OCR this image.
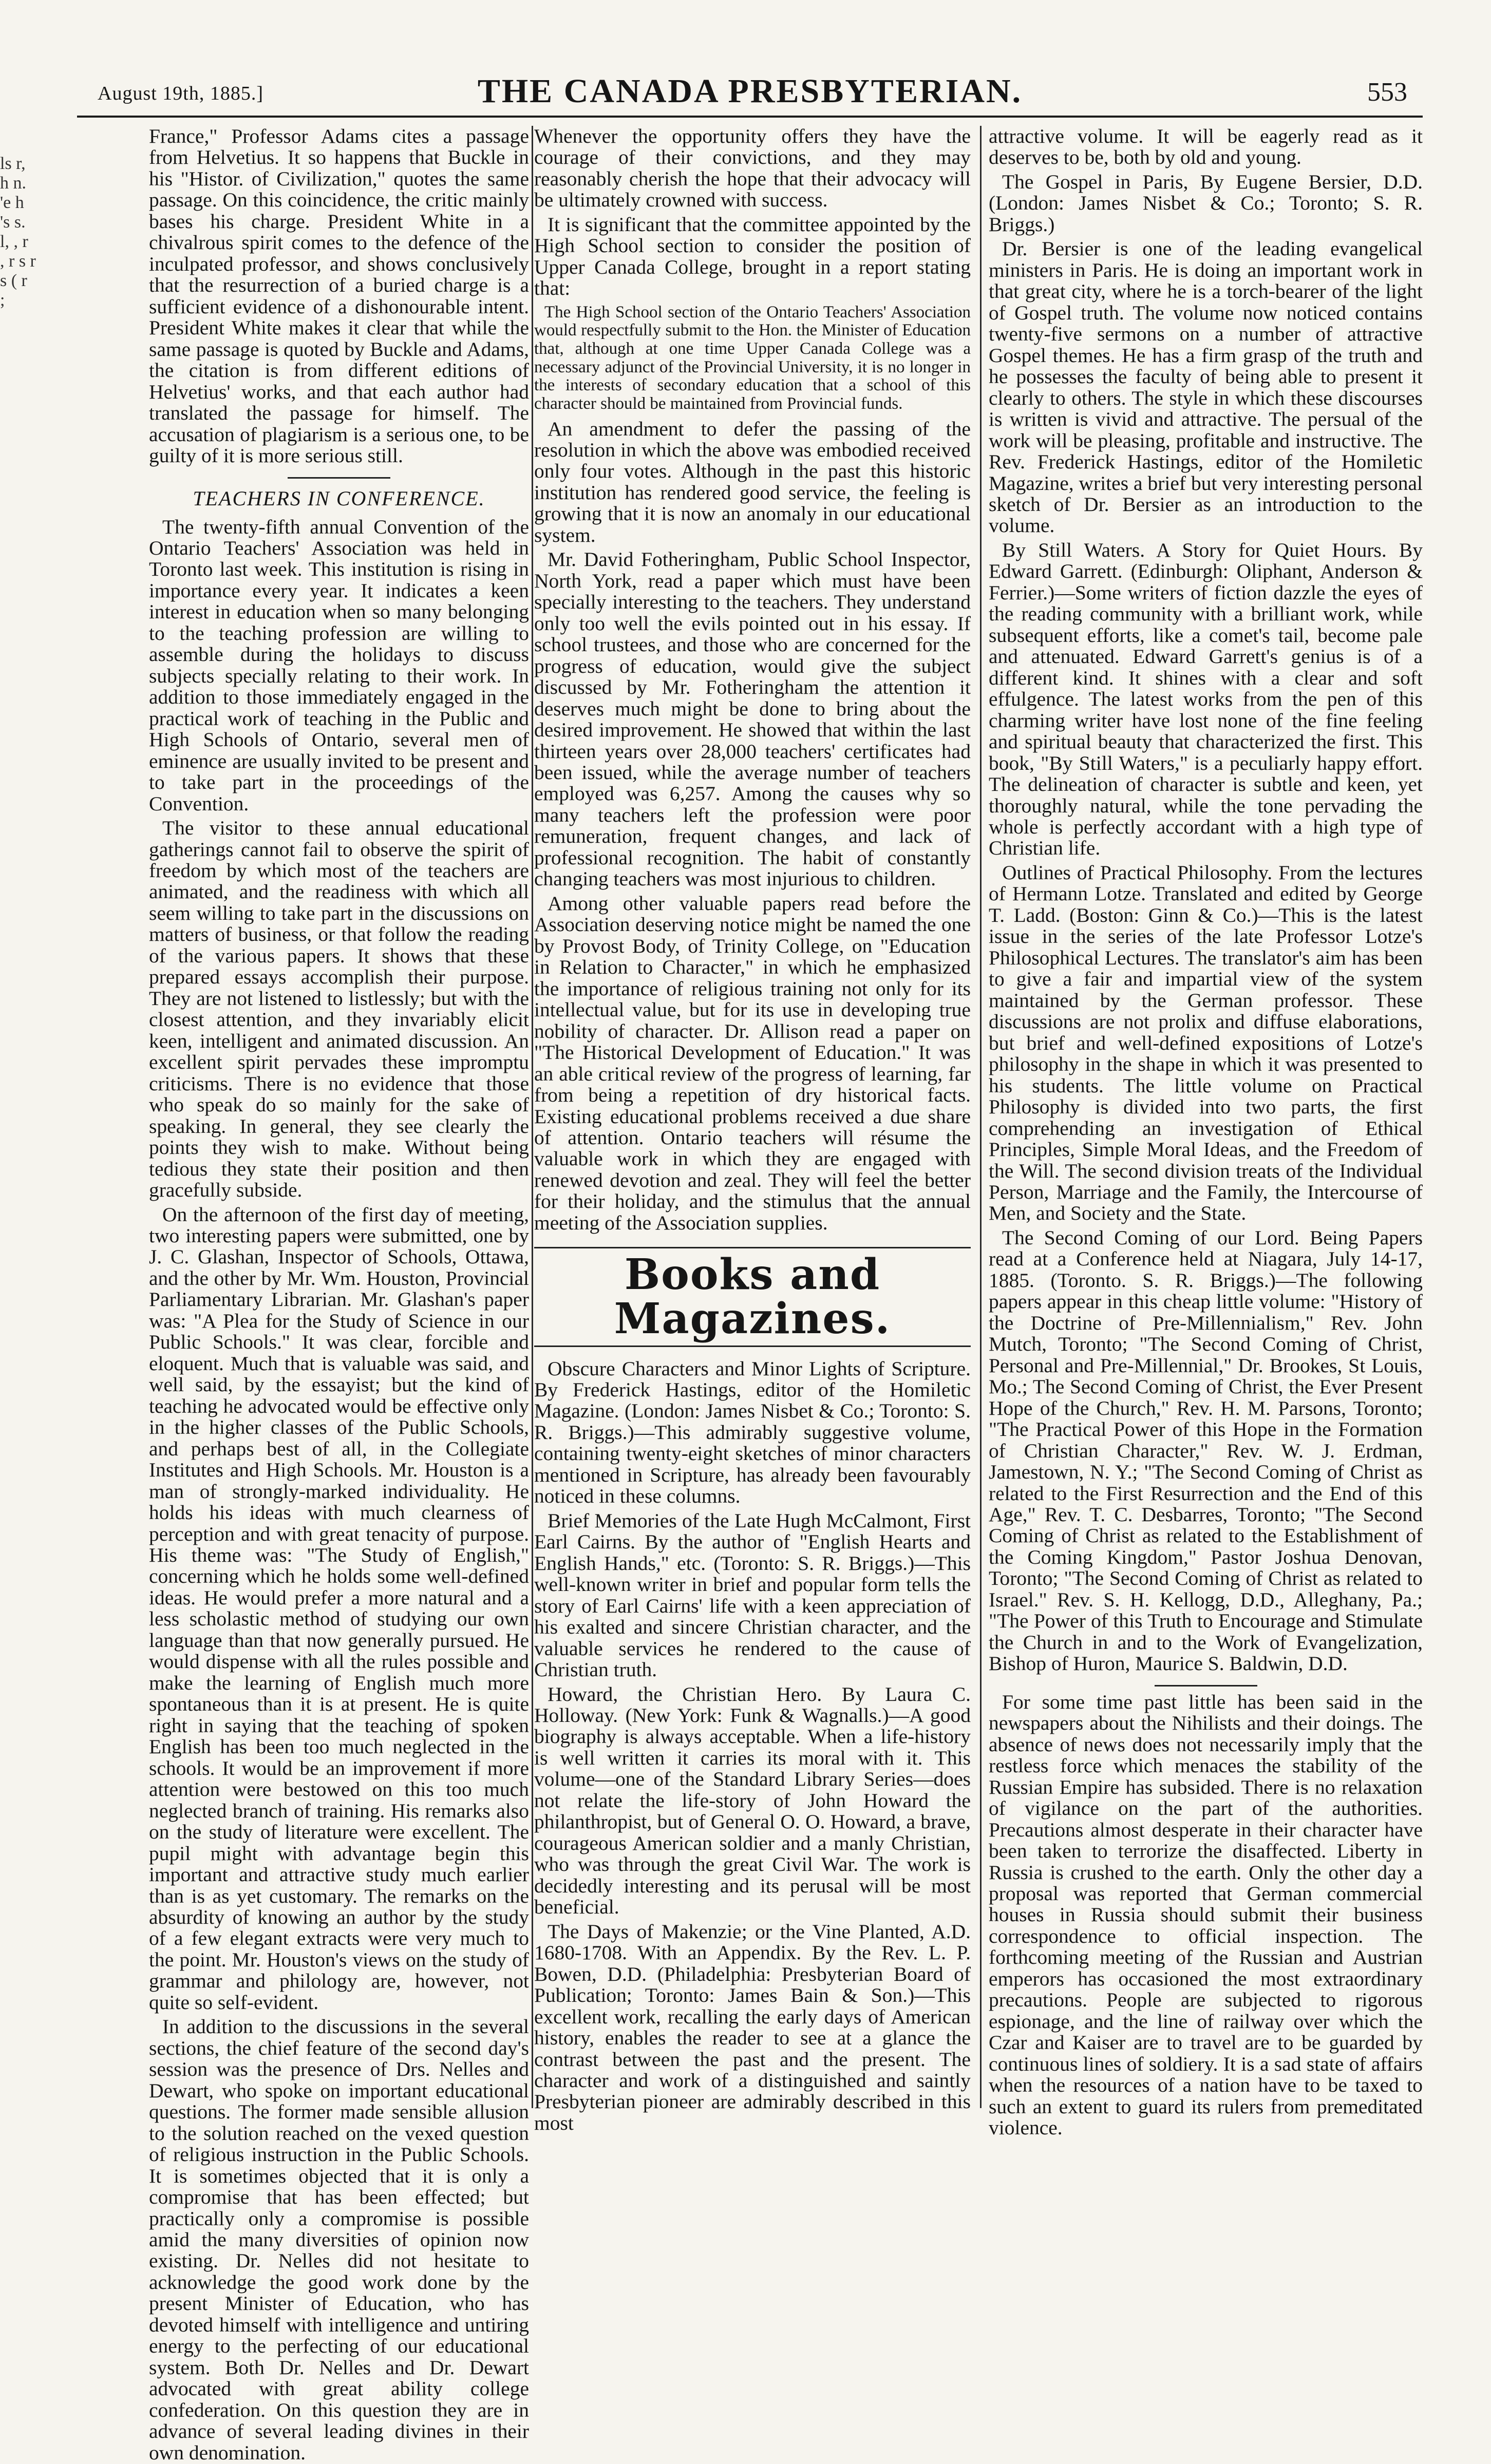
August 19th, 1885.]	THE CANADA PRESBYTERIAN.	553
ls r, h n. 'e h 's s. l, , r , r s r s ( r ;

France," Professor Adams cites a passage from Helvetius. It so happens that Buckle in his "Histor. of Civilization," quotes the same passage. On this coincidence, the critic mainly bases his charge. President White in a chivalrous spirit comes to the defence of the inculpated professor, and shows conclusively that the resurrection of a buried charge is a sufficient evidence of a dishonourable intent. President White makes it clear that while the same passage is quoted by Buckle and Adams, the citation is from different editions of Helvetius' works, and that each author had translated the passage for himself. The accusation of plagiarism is a serious one, to be guilty of it is more serious still.

TEACHERS IN CONFERENCE.

The twenty-fifth annual Convention of the Ontario Teachers' Association was held in Toronto last week. This institution is rising in importance every year. It indicates a keen interest in education when so many belonging to the teaching profession are willing to assemble during the holidays to discuss subjects specially relating to their work. In addition to those immediately engaged in the practical work of teaching in the Public and High Schools of Ontario, several men of eminence are usually invited to be present and to take part in the proceedings of the Convention.

The visitor to these annual educational gatherings cannot fail to observe the spirit of freedom by which most of the teachers are animated, and the readiness with which all seem willing to take part in the discussions on matters of business, or that follow the reading of the various papers. It shows that these prepared essays accomplish their purpose. They are not listened to listlessly; but with the closest attention, and they invariably elicit keen, intelligent and animated discussion. An excellent spirit pervades these impromptu criticisms. There is no evidence that those who speak do so mainly for the sake of speaking. In general, they see clearly the points they wish to make. Without being tedious they state their position and then gracefully subside.

On the afternoon of the first day of meeting, two interesting papers were submitted, one by J. C. Glashan, Inspector of Schools, Ottawa, and the other by Mr. Wm. Houston, Provincial Parliamentary Librarian. Mr. Glashan's paper was: "A Plea for the Study of Science in our Public Schools." It was clear, forcible and eloquent. Much that is valuable was said, and well said, by the essayist; but the kind of teaching he advocated would be effective only in the higher classes of the Public Schools, and perhaps best of all, in the Collegiate Institutes and High Schools. Mr. Houston is a man of strongly-marked individuality. He holds his ideas with much clearness of perception and with great tenacity of purpose. His theme was: "The Study of English," concerning which he holds some well-defined ideas. He would prefer a more natural and a less scholastic method of studying our own language than that now generally pursued. He would dispense with all the rules possible and make the learning of English much more spontaneous than it is at present. He is quite right in saying that the teaching of spoken English has been too much neglected in the schools. It would be an improvement if more attention were bestowed on this too much neglected branch of training. His remarks also on the study of literature were excellent. The pupil might with advantage begin this important and attractive study much earlier than is as yet customary. The remarks on the absurdity of knowing an author by the study of a few elegant extracts were very much to the point. Mr. Houston's views on the study of grammar and philology are, however, not quite so self-evident.

In addition to the discussions in the several sections, the chief feature of the second day's session was the presence of Drs. Nelles and Dewart, who spoke on important educational questions. The former made sensible allusion to the solution reached on the vexed question of religious instruction in the Public Schools. It is sometimes objected that it is only a compromise that has been effected; but practically only a compromise is possible amid the many diversities of opinion now existing. Dr. Nelles did not hesitate to acknowledge the good work done by the present Minister of Education, who has devoted himself with intelligence and untiring energy to the perfecting of our educational system. Both Dr. Nelles and Dr. Dewart advocated with great ability college confederation. On this question they are in advance of several leading divines in their own denomination.

Whenever the opportunity offers they have the courage of their convictions, and they may reasonably cherish the hope that their advocacy will be ultimately crowned with success.

It is significant that the committee appointed by the High School section to consider the position of Upper Canada College, brought in a report stating that:

The High School section of the Ontario Teachers' Association would respectfully submit to the Hon. the Minister of Education that, although at one time Upper Canada College was a necessary adjunct of the Provincial University, it is no longer in the interests of secondary education that a school of this character should be maintained from Provincial funds.

An amendment to defer the passing of the resolution in which the above was embodied received only four votes. Although in the past this historic institution has rendered good service, the feeling is growing that it is now an anomaly in our educational system.

Mr. David Fotheringham, Public School Inspector, North York, read a paper which must have been specially interesting to the teachers. They understand only too well the evils pointed out in his essay. If school trustees, and those who are concerned for the progress of education, would give the subject discussed by Mr. Fotheringham the attention it deserves much might be done to bring about the desired improvement. He showed that within the last thirteen years over 28,000 teachers' certificates had been issued, while the average number of teachers employed was 6,257. Among the causes why so many teachers left the profession were poor remuneration, frequent changes, and lack of professional recognition. The habit of constantly changing teachers was most injurious to children.

Among other valuable papers read before the Association deserving notice might be named the one by Provost Body, of Trinity College, on "Education in Relation to Character," in which he emphasized the importance of religious training not only for its intellectual value, but for its use in developing true nobility of character. Dr. Allison read a paper on "The Historical Development of Education." It was an able critical review of the progress of learning, far from being a repetition of dry historical facts. Existing educational problems received a due share of attention. Ontario teachers will résume the valuable work in which they are engaged with renewed devotion and zeal. They will feel the better for their holiday, and the stimulus that the annual meeting of the Association supplies.

Books and Magazines.

Obscure Characters and Minor Lights of Scripture. By Frederick Hastings, editor of the Homiletic Magazine. (London: James Nisbet & Co.; Toronto: S. R. Briggs.)—This admirably suggestive volume, containing twenty-eight sketches of minor characters mentioned in Scripture, has already been favourably noticed in these columns.

Brief Memories of the Late Hugh McCalmont, First Earl Cairns. By the author of "English Hearts and English Hands," etc. (Toronto: S. R. Briggs.)—This well-known writer in brief and popular form tells the story of Earl Cairns' life with a keen appreciation of his exalted and sincere Christian character, and the valuable services he rendered to the cause of Christian truth.

Howard, the Christian Hero. By Laura C. Holloway. (New York: Funk & Wagnalls.)—A good biography is always acceptable. When a life-history is well written it carries its moral with it. This volume—one of the Standard Library Series—does not relate the life-story of John Howard the philanthropist, but of General O. O. Howard, a brave, courageous American soldier and a manly Christian, who was through the great Civil War. The work is decidedly interesting and its perusal will be most beneficial.

The Days of Makenzie; or the Vine Planted, A.D. 1680-1708. With an Appendix. By the Rev. L. P. Bowen, D.D. (Philadelphia: Presbyterian Board of Publication; Toronto: James Bain & Son.)—This excellent work, recalling the early days of American history, enables the reader to see at a glance the contrast between the past and the present. The character and work of a distinguished and saintly Presbyterian pioneer are admirably described in this most

attractive volume. It will be eagerly read as it deserves to be, both by old and young.

The Gospel in Paris, By Eugene Bersier, D.D. (London: James Nisbet & Co.; Toronto; S. R. Briggs.)

Dr. Bersier is one of the leading evangelical ministers in Paris. He is doing an important work in that great city, where he is a torch-bearer of the light of Gospel truth. The volume now noticed contains twenty-five sermons on a number of attractive Gospel themes. He has a firm grasp of the truth and he possesses the faculty of being able to present it clearly to others. The style in which these discourses is written is vivid and attractive. The persual of the work will be pleasing, profitable and instructive. The Rev. Frederick Hastings, editor of the Homiletic Magazine, writes a brief but very interesting personal sketch of Dr. Bersier as an introduction to the volume.

By Still Waters. A Story for Quiet Hours. By Edward Garrett. (Edinburgh: Oliphant, Anderson & Ferrier.)—Some writers of fiction dazzle the eyes of the reading community with a brilliant work, while subsequent efforts, like a comet's tail, become pale and attenuated. Edward Garrett's genius is of a different kind. It shines with a clear and soft effulgence. The latest works from the pen of this charming writer have lost none of the fine feeling and spiritual beauty that characterized the first. This book, "By Still Waters," is a peculiarly happy effort. The delineation of character is subtle and keen, yet thoroughly natural, while the tone pervading the whole is perfectly accordant with a high type of Christian life.

Outlines of Practical Philosophy. From the lectures of Hermann Lotze. Translated and edited by George T. Ladd. (Boston: Ginn & Co.)—This is the latest issue in the series of the late Professor Lotze's Philosophical Lectures. The translator's aim has been to give a fair and impartial view of the system maintained by the German professor. These discussions are not prolix and diffuse elaborations, but brief and well-defined expositions of Lotze's philosophy in the shape in which it was presented to his students. The little volume on Practical Philosophy is divided into two parts, the first comprehending an investigation of Ethical Principles, Simple Moral Ideas, and the Freedom of the Will. The second division treats of the Individual Person, Marriage and the Family, the Intercourse of Men, and Society and the State.

The Second Coming of our Lord. Being Papers read at a Conference held at Niagara, July 14-17, 1885. (Toronto. S. R. Briggs.)—The following papers appear in this cheap little volume: "History of the Doctrine of Pre-Millennialism," Rev. John Mutch, Toronto; "The Second Coming of Christ, Personal and Pre-Millennial," Dr. Brookes, St Louis, Mo.; The Second Coming of Christ, the Ever Present Hope of the Church," Rev. H. M. Parsons, Toronto; "The Practical Power of this Hope in the Formation of Christian Character," Rev. W. J. Erdman, Jamestown, N. Y.; "The Second Coming of Christ as related to the First Resurrection and the End of this Age," Rev. T. C. Desbarres, Toronto; "The Second Coming of Christ as related to the Establishment of the Coming Kingdom," Pastor Joshua Denovan, Toronto; "The Second Coming of Christ as related to Israel." Rev. S. H. Kellogg, D.D., Alleghany, Pa.; "The Power of this Truth to Encourage and Stimulate the Church in and to the Work of Evangelization, Bishop of Huron, Maurice S. Baldwin, D.D.

For some time past little has been said in the newspapers about the Nihilists and their doings. The absence of news does not necessarily imply that the restless force which menaces the stability of the Russian Empire has subsided. There is no relaxation of vigilance on the part of the authorities. Precautions almost desperate in their character have been taken to terrorize the disaffected. Liberty in Russia is crushed to the earth. Only the other day a proposal was reported that German commercial houses in Russia should submit their business correspondence to official inspection. The forthcoming meeting of the Russian and Austrian emperors has occasioned the most extraordinary precautions. People are subjected to rigorous espionage, and the line of railway over which the Czar and Kaiser are to travel are to be guarded by continuous lines of soldiery. It is a sad state of affairs when the resources of a nation have to be taxed to such an extent to guard its rulers from premeditated violence.
